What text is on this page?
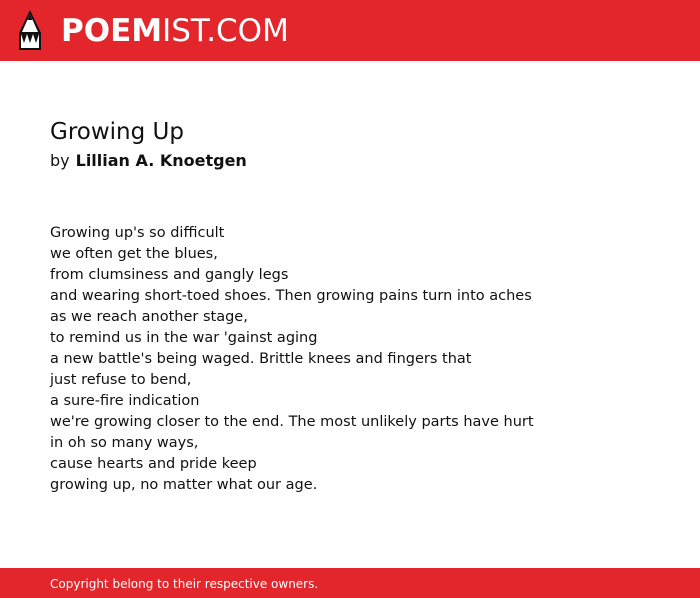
POEMIST.COM
Growing Up
by Lillian A. Knoetgen
Growing up's so difficult
we often get the blues,
from clumsiness and gangly legs
and wearing short-toed shoes. Then growing pains turn into aches
as we reach another stage,
to remind us in the war 'gainst aging
a new battle's being waged. Brittle knees and fingers that
just refuse to bend,
a sure-fire indication
we're growing closer to the end. The most unlikely parts have hurt
in oh so many ways,
cause hearts and pride keep
growing up, no matter what our age.
Copyright belong to their respective owners.
